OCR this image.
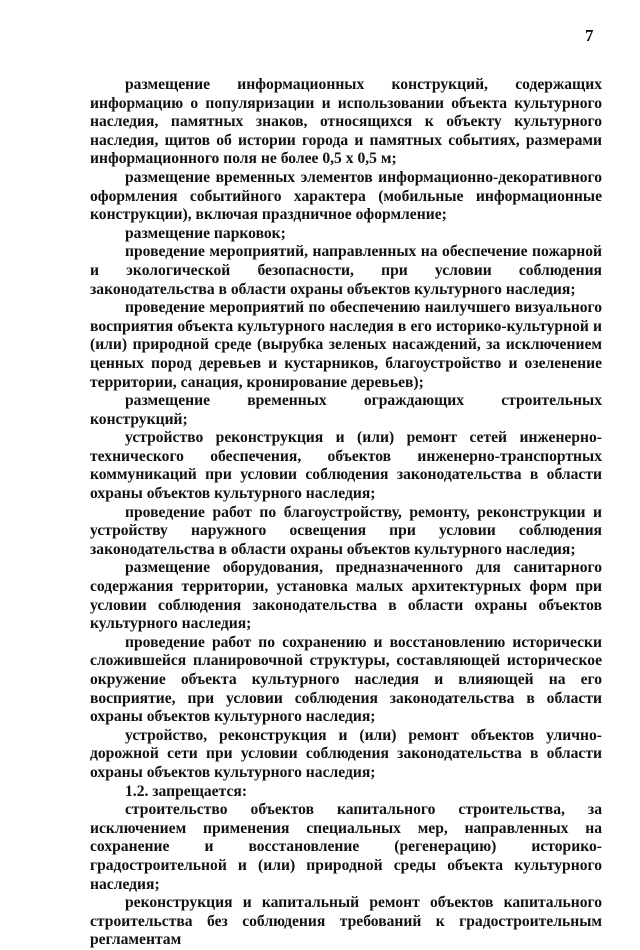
7

размещение информационных конструкций, содержащих информацию о популяризации и использовании объекта культурного наследия, памятных знаков, относящихся к объекту культурного наследия, щитов об истории города и памятных событиях, размерами информационного поля не более 0,5 х 0,5 м;

размещение временных элементов информационно-декоративного оформления событийного характера (мобильные информационные конструкции), включая праздничное оформление;

размещение парковок;

проведение мероприятий, направленных на обеспечение пожарной и экологической безопасности, при условии соблюдения законодательства в области охраны объектов культурного наследия;

проведение мероприятий по обеспечению наилучшего визуального восприятия объекта культурного наследия в его историко-культурной и (или) природной среде (вырубка зеленых насаждений, за исключением ценных пород деревьев и кустарников, благоустройство и озеленение территории, санация, кронирование деревьев);

размещение временных ограждающих строительных конструкций;

устройство реконструкция и (или) ремонт сетей инженерно-технического обеспечения, объектов инженерно-транспортных коммуникаций при условии соблюдения законодательства в области охраны объектов культурного наследия;

проведение работ по благоустройству, ремонту, реконструкции и устройству наружного освещения при условии соблюдения законодательства в области охраны объектов культурного наследия;

размещение оборудования, предназначенного для санитарного содержания территории, установка малых архитектурных форм при условии соблюдения законодательства в области охраны объектов культурного наследия;

проведение работ по сохранению и восстановлению исторически сложившейся планировочной структуры, составляющей историческое окружение объекта культурного наследия и влияющей на его восприятие, при условии соблюдения законодательства в области охраны объектов культурного наследия;

устройство, реконструкция и (или) ремонт объектов улично-дорожной сети при условии соблюдения законодательства в области охраны объектов культурного наследия;

1.2. запрещается:

строительство объектов капитального строительства, за исключением применения специальных мер, направленных на сохранение и восстановление (регенерацию) историко-градостроительной и (или) природной среды объекта культурного наследия;

реконструкция и капитальный ремонт объектов капитального строительства без соблюдения требований к градостроительным регламентам
